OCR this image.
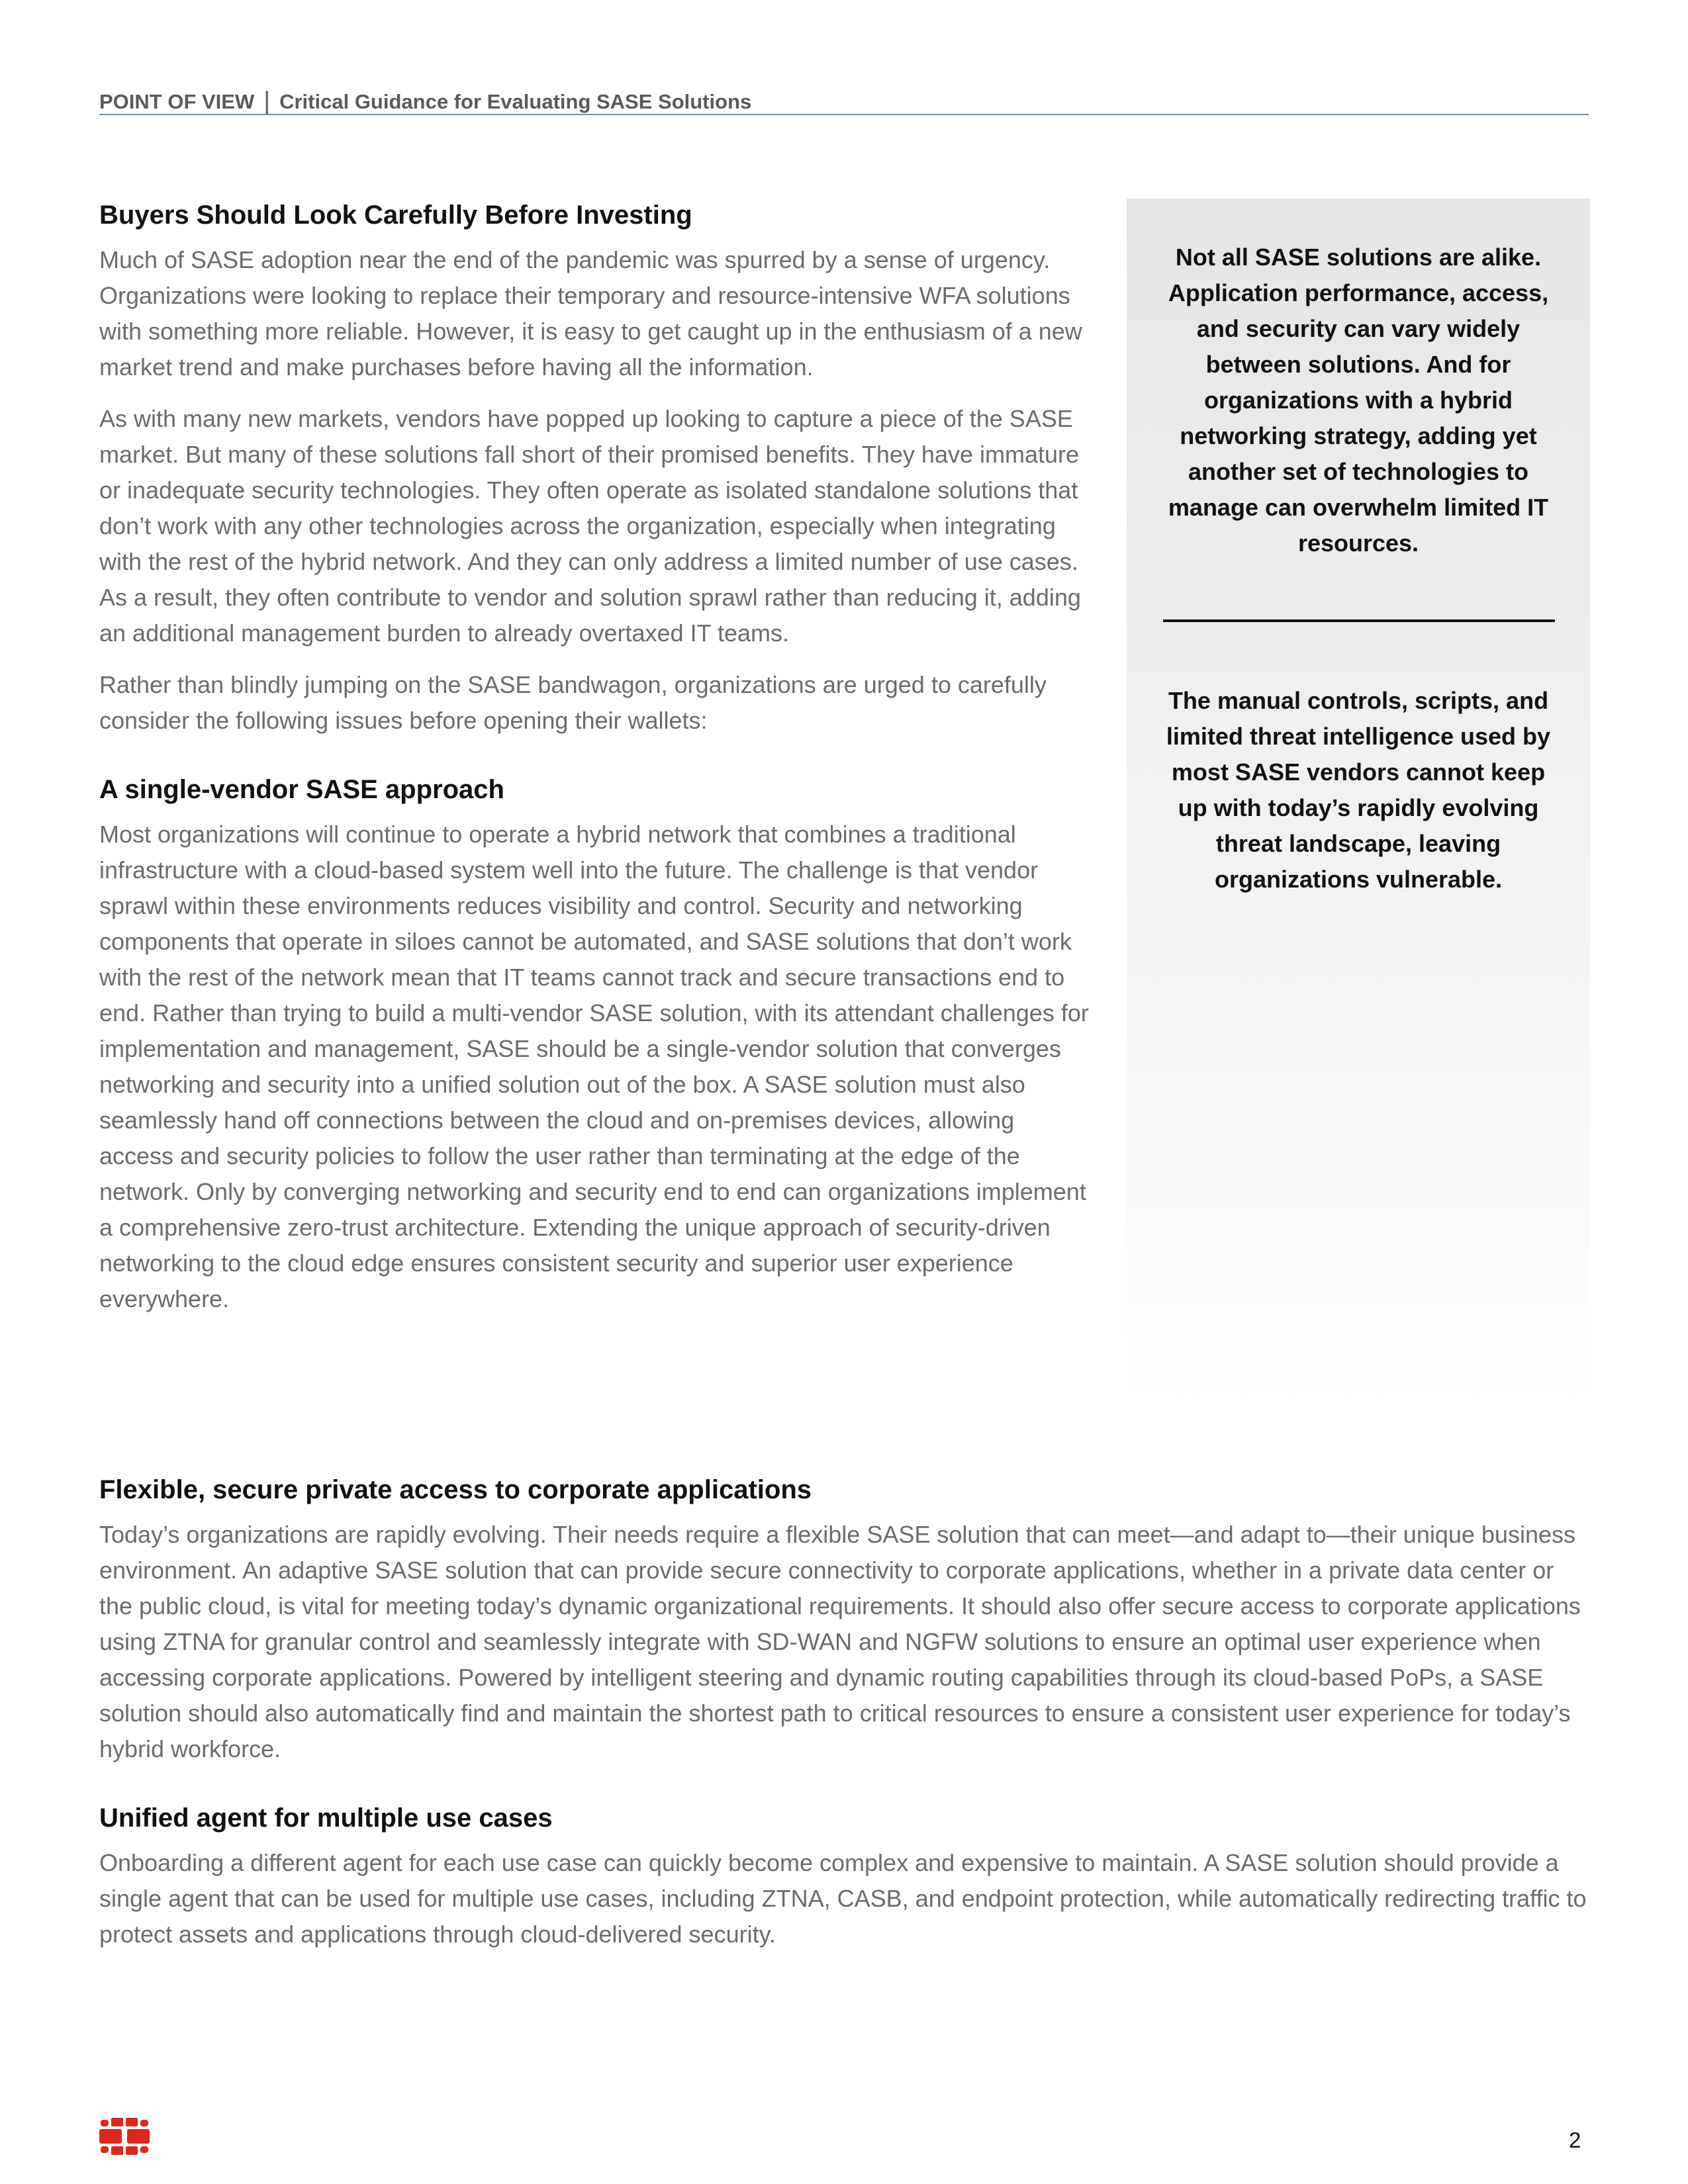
POINT OF VIEW | Critical Guidance for Evaluating SASE Solutions
Buyers Should Look Carefully Before Investing

Much of SASE adoption near the end of the pandemic was spurred by a sense of urgency. Organizations were looking to replace their temporary and resource-intensive WFA solutions with something more reliable. However, it is easy to get caught up in the enthusiasm of a new market trend and make purchases before having all the information.

As with many new markets, vendors have popped up looking to capture a piece of the SASE market. But many of these solutions fall short of their promised benefits. They have immature or inadequate security technologies. They often operate as isolated standalone solutions that don’t work with any other technologies across the organization, especially when integrating with the rest of the hybrid network. And they can only address a limited number of use cases. As a result, they often contribute to vendor and solution sprawl rather than reducing it, adding an additional management burden to already overtaxed IT teams.

Rather than blindly jumping on the SASE bandwagon, organizations are urged to carefully consider the following issues before opening their wallets:

A single-vendor SASE approach

Most organizations will continue to operate a hybrid network that combines a traditional infrastructure with a cloud-based system well into the future. The challenge is that vendor sprawl within these environments reduces visibility and control. Security and networking components that operate in siloes cannot be automated, and SASE solutions that don’t work with the rest of the network mean that IT teams cannot track and secure transactions end to end. Rather than trying to build a multi-vendor SASE solution, with its attendant challenges for implementation and management, SASE should be a single-vendor solution that converges networking and security into a unified solution out of the box. A SASE solution must also seamlessly hand off connections between the cloud and on-premises devices, allowing access and security policies to follow the user rather than terminating at the edge of the network. Only by converging networking and security end to end can organizations implement a comprehensive zero-trust architecture. Extending the unique approach of security-driven networking to the cloud edge ensures consistent security and superior user experience everywhere.

Not all SASE solutions are alike. Application performance, access, and security can vary widely between solutions. And for organizations with a hybrid networking strategy, adding yet another set of technologies to manage can overwhelm limited IT resources.
The manual controls, scripts, and limited threat intelligence used by most SASE vendors cannot keep up with today’s rapidly evolving threat landscape, leaving organizations vulnerable.
Flexible, secure private access to corporate applications

Today’s organizations are rapidly evolving. Their needs require a flexible SASE solution that can meet—and adapt to—their unique business environment. An adaptive SASE solution that can provide secure connectivity to corporate applications, whether in a private data center or the public cloud, is vital for meeting today’s dynamic organizational requirements. It should also offer secure access to corporate applications using ZTNA for granular control and seamlessly integrate with SD-WAN and NGFW solutions to ensure an optimal user experience when accessing corporate applications. Powered by intelligent steering and dynamic routing capabilities through its cloud-based PoPs, a SASE solution should also automatically find and maintain the shortest path to critical resources to ensure a consistent user experience for today’s hybrid workforce.

Unified agent for multiple use cases

Onboarding a different agent for each use case can quickly become complex and expensive to maintain. A SASE solution should provide a single agent that can be used for multiple use cases, including ZTNA, CASB, and endpoint protection, while automatically redirecting traffic to protect assets and applications through cloud-delivered security.

2
